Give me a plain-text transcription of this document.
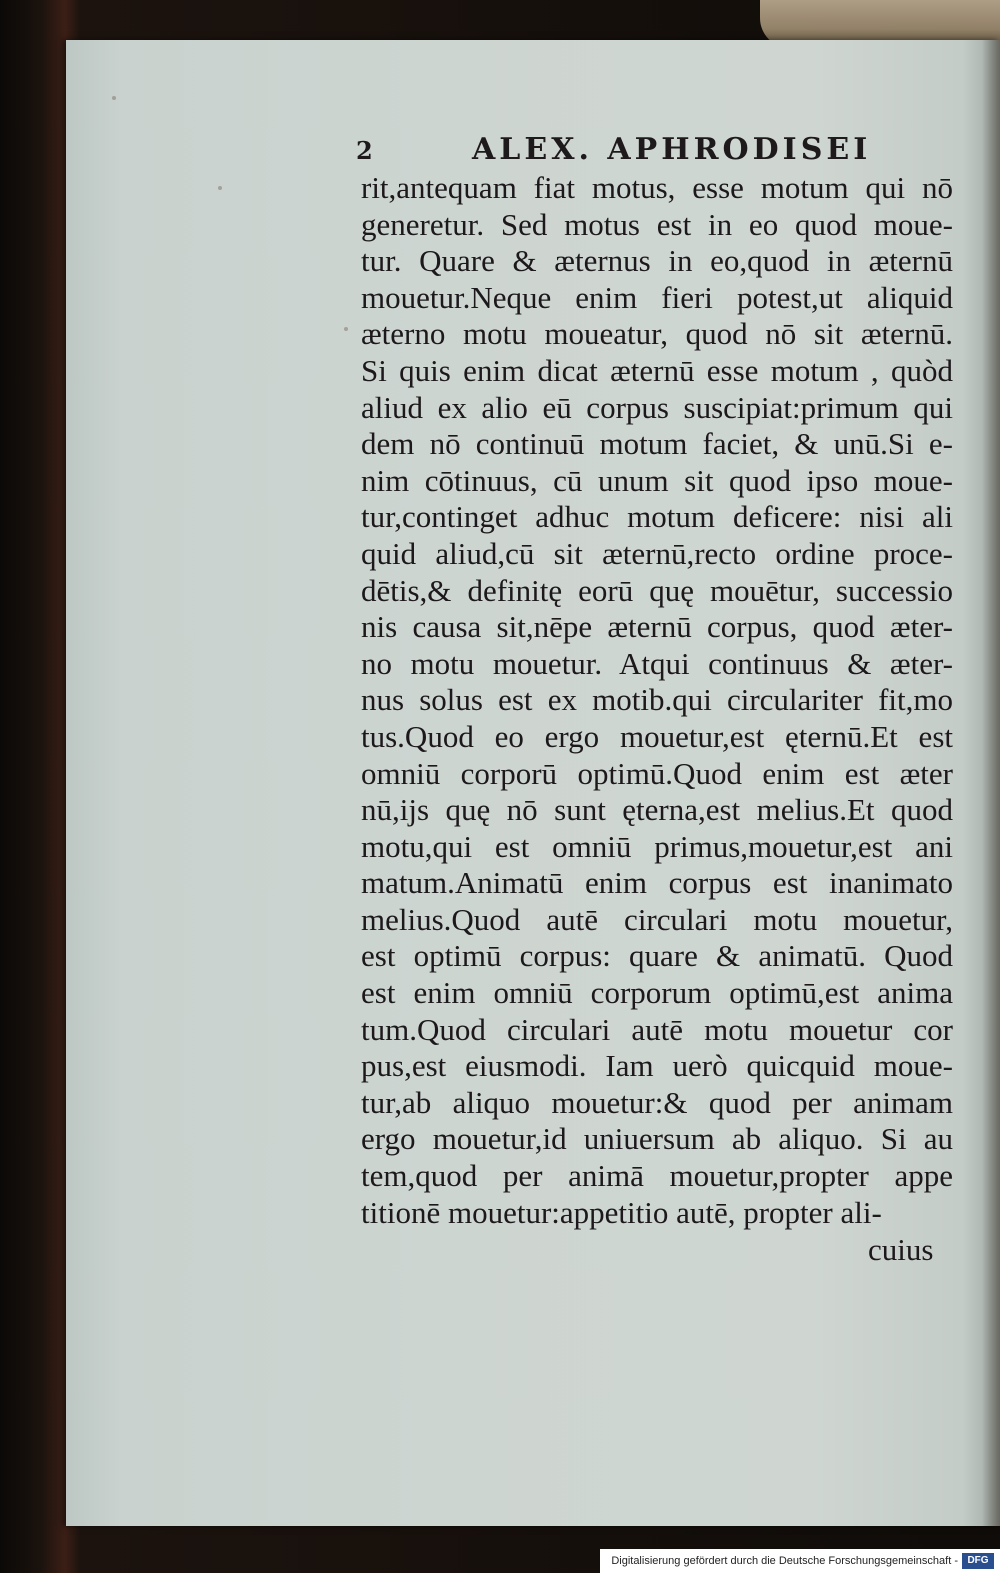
2	ALEX. APHRODISEI
rit,antequam fiat motus, esse motum qui nō
generetur. Sed motus est in eo quod moue-
tur. Quare & æternus in eo,quod in æternū
mouetur.Neque enim fieri potest,ut aliquid
æterno motu moueatur, quod nō sit æternū.
Si quis enim dicat æternū esse motum , quòd
aliud ex alio eū corpus suscipiat:primum qui
dem nō continuū motum faciet, & unū.Si e-
nim cōtinuus, cū unum sit quod ipso moue-
tur,continget adhuc motum deficere: nisi ali
quid aliud,cū sit æternū,recto ordine proce-
dētis,& definitę eorū quę mouētur, successio
nis causa sit,nēpe æternū corpus, quod æter-
no motu mouetur. Atqui continuus & æter-
nus solus est ex motib.qui circulariter fit,mo
tus.Quod eo ergo mouetur,est ęternū.Et est
omniū corporū optimū.Quod enim est æter
nū,ijs quę nō sunt ęterna,est melius.Et quod
motu,qui est omniū primus,mouetur,est ani
matum.Animatū enim corpus est inanimato
melius.Quod autē circulari motu mouetur,
est optimū corpus: quare & animatū. Quod
est enim omniū corporum optimū,est anima
tum.Quod circulari autē motu mouetur cor
pus,est eiusmodi. Iam uerò quicquid moue-
tur,ab aliquo mouetur:& quod per animam
ergo mouetur,id uniuersum ab aliquo. Si au
tem,quod per animā mouetur,propter appe
titionē mouetur:appetitio autē, propter ali-
cuius
Digitalisierung gefördert durch die Deutsche Forschungsgemeinschaft - DFG
